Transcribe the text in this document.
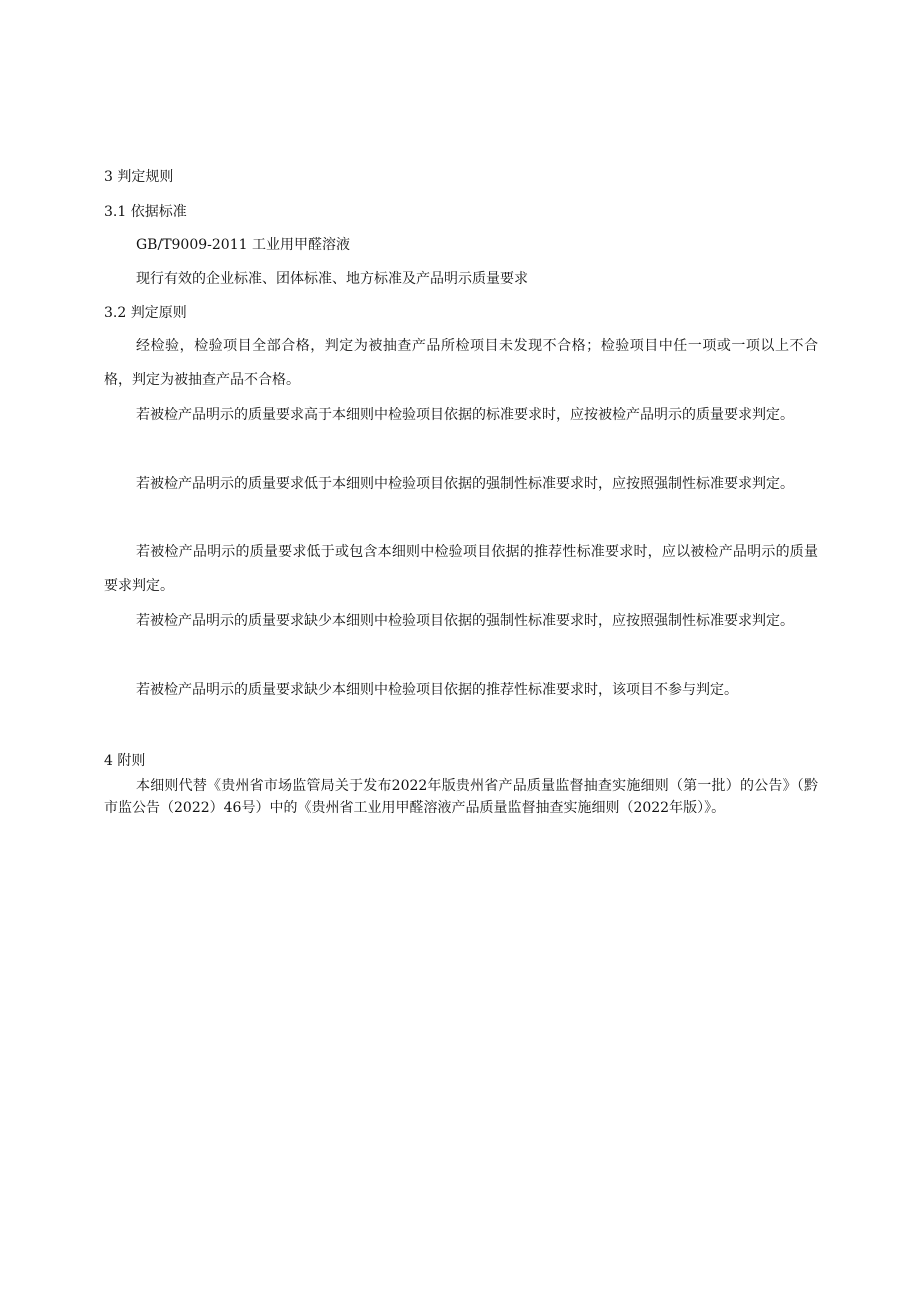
3 判定规则
3.1 依据标准
GB/T9009-2011 工业用甲醛溶液
现行有效的企业标准、团体标准、地方标准及产品明示质量要求
3.2 判定原则
经检验，检验项目全部合格，判定为被抽查产品所检项目未发现不合格；检验项目中任一项或一项以上不合格，判定为被抽查产品不合格。
若被检产品明示的质量要求高于本细则中检验项目依据的标准要求时，应按被检产品明示的质量要求判定。
若被检产品明示的质量要求低于本细则中检验项目依据的强制性标准要求时，应按照强制性标准要求判定。
若被检产品明示的质量要求低于或包含本细则中检验项目依据的推荐性标准要求时，应以被检产品明示的质量要求判定。
若被检产品明示的质量要求缺少本细则中检验项目依据的强制性标准要求时，应按照强制性标准要求判定。
若被检产品明示的质量要求缺少本细则中检验项目依据的推荐性标准要求时，该项目不参与判定。
4 附则
本细则代替《贵州省市场监管局关于发布2022年版贵州省产品质量监督抽查实施细则（第一批）的公告》（黔市监公告（2022）46号）中的《贵州省工业用甲醛溶液产品质量监督抽查实施细则（2022年版）》。
